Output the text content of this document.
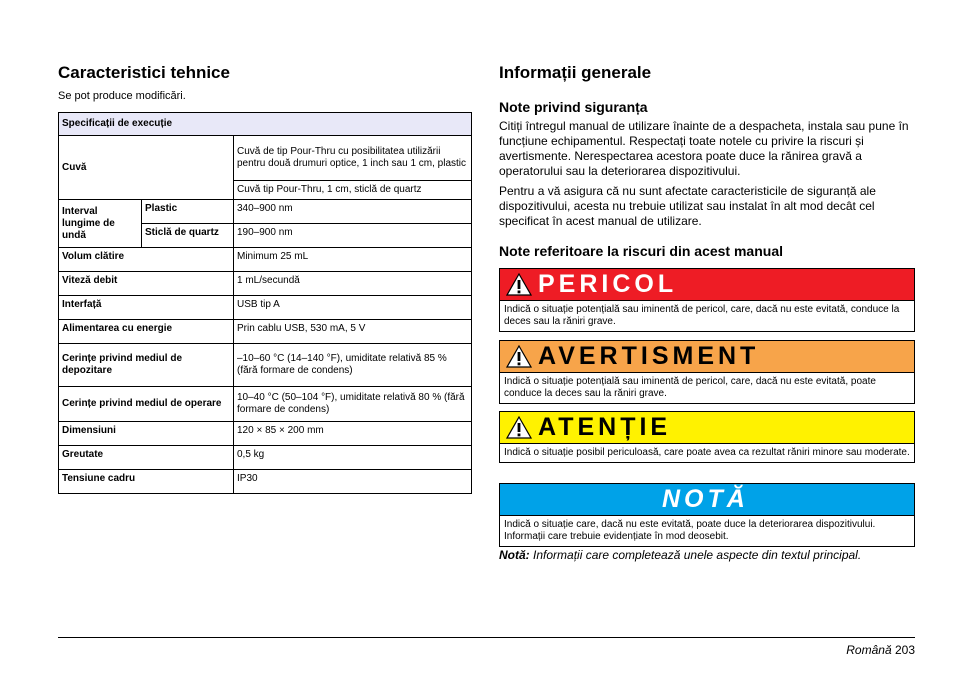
Caracteristici tehnice
Se pot produce modificări.
Specificații de execuție		
Cuvă		Cuvă de tip Pour-Thru cu posibilitatea utilizării pentru două drumuri optice, 1 inch sau 1 cm, plastic
		Cuvă tip Pour-Thru, 1 cm, sticlă de quartz
Interval lungime de undă	Plastic	340–900 nm
	Sticlă de quartz	190–900 nm
Volum clătire		Minimum 25 mL
Viteză debit		1 mL/secundă
Interfață		USB tip A
Alimentarea cu energie		Prin cablu USB, 530 mA, 5 V
Cerințe privind mediul de depozitare		–10–60 °C (14–140 °F), umiditate relativă 85 % (fără formare de condens)
Cerințe privind mediul de operare		10–40 °C (50–104 °F), umiditate relativă 80 % (fără formare de condens)
Dimensiuni		120 × 85 × 200 mm
Greutate		0,5 kg
Tensiune cadru		IP30
Informații generale
Note privind siguranța

Citiți întregul manual de utilizare înainte de a despacheta, instala sau pune în funcțiune echipamentul. Respectați toate notele cu privire la riscuri și avertismente. Nerespectarea acestora poate duce la rănirea gravă a operatorului sau la deteriorarea dispozitivului.

Pentru a vă asigura că nu sunt afectate caracteristicile de siguranță ale dispozitivului, acesta nu trebuie utilizat sau instalat în alt mod decât cel specificat în acest manual de utilizare.

Note referitoare la riscuri din acest manual
PERICOL
Indică o situație potențială sau iminentă de pericol, care, dacă nu este evitată, conduce la deces sau la răniri grave.
AVERTISMENT
Indică o situație potențială sau iminentă de pericol, care, dacă nu este evitată, poate conduce la deces sau la răniri grave.
ATENȚIE
Indică o situație posibil periculoasă, care poate avea ca rezultat răniri minore sau moderate.
NOTĂ
Indică o situație care, dacă nu este evitată, poate duce la deteriorarea dispozitivului. Informații care trebuie evidențiate în mod deosebit.

Notă: Informații care completează unele aspecte din textul principal.

Română 203
